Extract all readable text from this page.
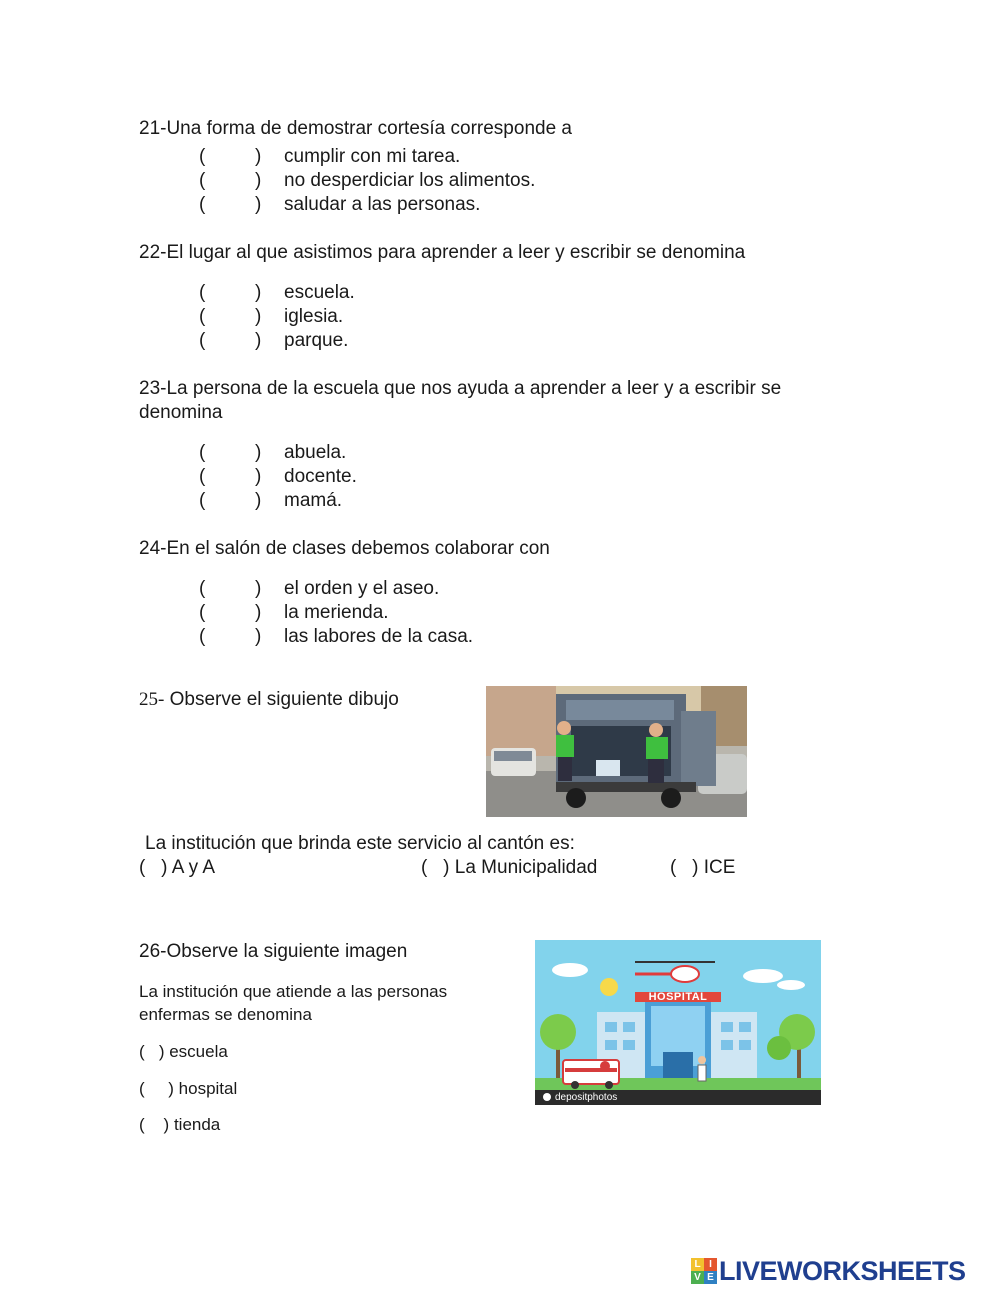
21-Una forma de demostrar cortesía corresponde a
(	) cumplir con mi tarea.
(	) no desperdiciar los alimentos.
(	) saludar a las personas.
22-El lugar al que asistimos para aprender a leer y escribir se denomina
(	) escuela.
(	) iglesia.
(	) parque.
23-La persona de la escuela que nos ayuda a aprender a leer y a escribir se
denomina
(	) abuela.
(	) docente.
(	) mamá.
24-En el salón de clases debemos colaborar con
(	) el orden y el aseo.
(	) la merienda.
(	) las labores de la casa.
25- Observe el siguiente dibujo
La institución que brinda este servicio al cantón es:
(   ) A y A	(   ) La Municipalidad	(   ) ICE
26-Observe la siguiente imagen
La institución que atiende a las personas
enfermas se denomina
(   ) escuela
(     ) hospital
(    ) tienda
HOSPITAL
depositphotos
L I
V E LIVEWORKSHEETS
